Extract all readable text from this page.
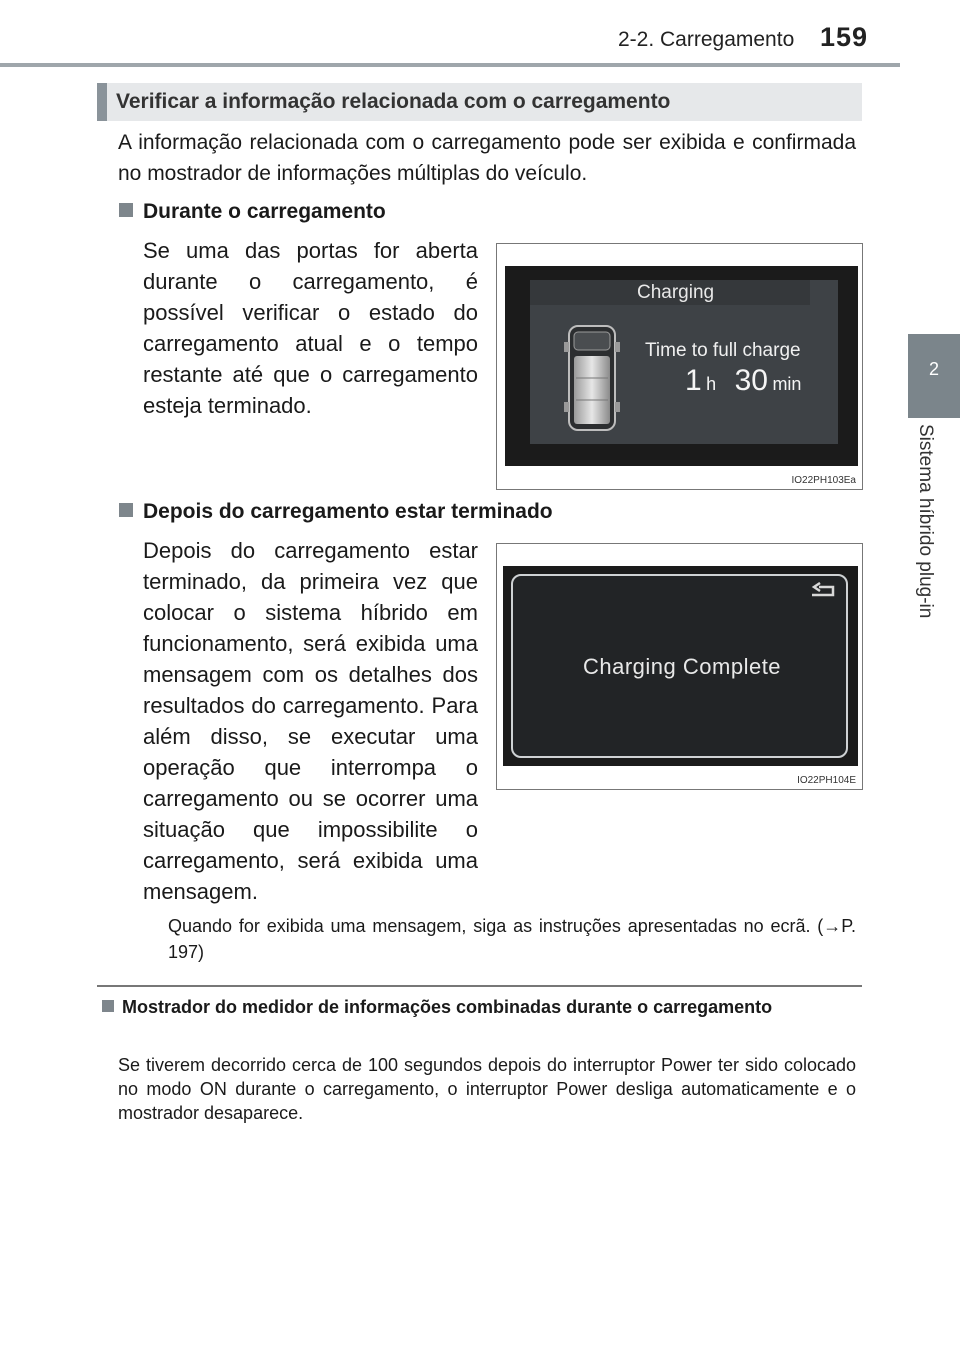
2-2. Carregamento 159
2
Sistema híbrido plug-in
Verificar a informação relacionada com o carregamento
A informação relacionada com o carregamento pode ser exibida e confirmada no mostrador de informações múltiplas do veículo.
Durante o carregamento
Se uma das portas for aberta durante o carregamento, é possível verificar o estado do carregamento atual e o tempo restante até que o carregamento esteja terminado.
Charging
Time to full charge
1 h 30 min
IO22PH103Ea
Depois do carregamento estar terminado
Depois do carregamento estar terminado, da primeira vez que colocar o sistema híbrido em funcionamento, será exibida uma mensagem com os detalhes dos resultados do carregamento. Para além disso, se executar uma operação que interrompa o carregamento ou se ocorrer uma situação que impossibilite o carregamento, será exibida uma mensagem.
Charging Complete
IO22PH104E
Quando for exibida uma mensagem, siga as instruções apresentadas no ecrã. (→P. 197)
Mostrador do medidor de informações combinadas durante o carregamento
Se tiverem decorrido cerca de 100 segundos depois do interruptor Power ter sido colocado no modo ON durante o carregamento, o interruptor Power desliga automaticamente e o mostrador desaparece.
